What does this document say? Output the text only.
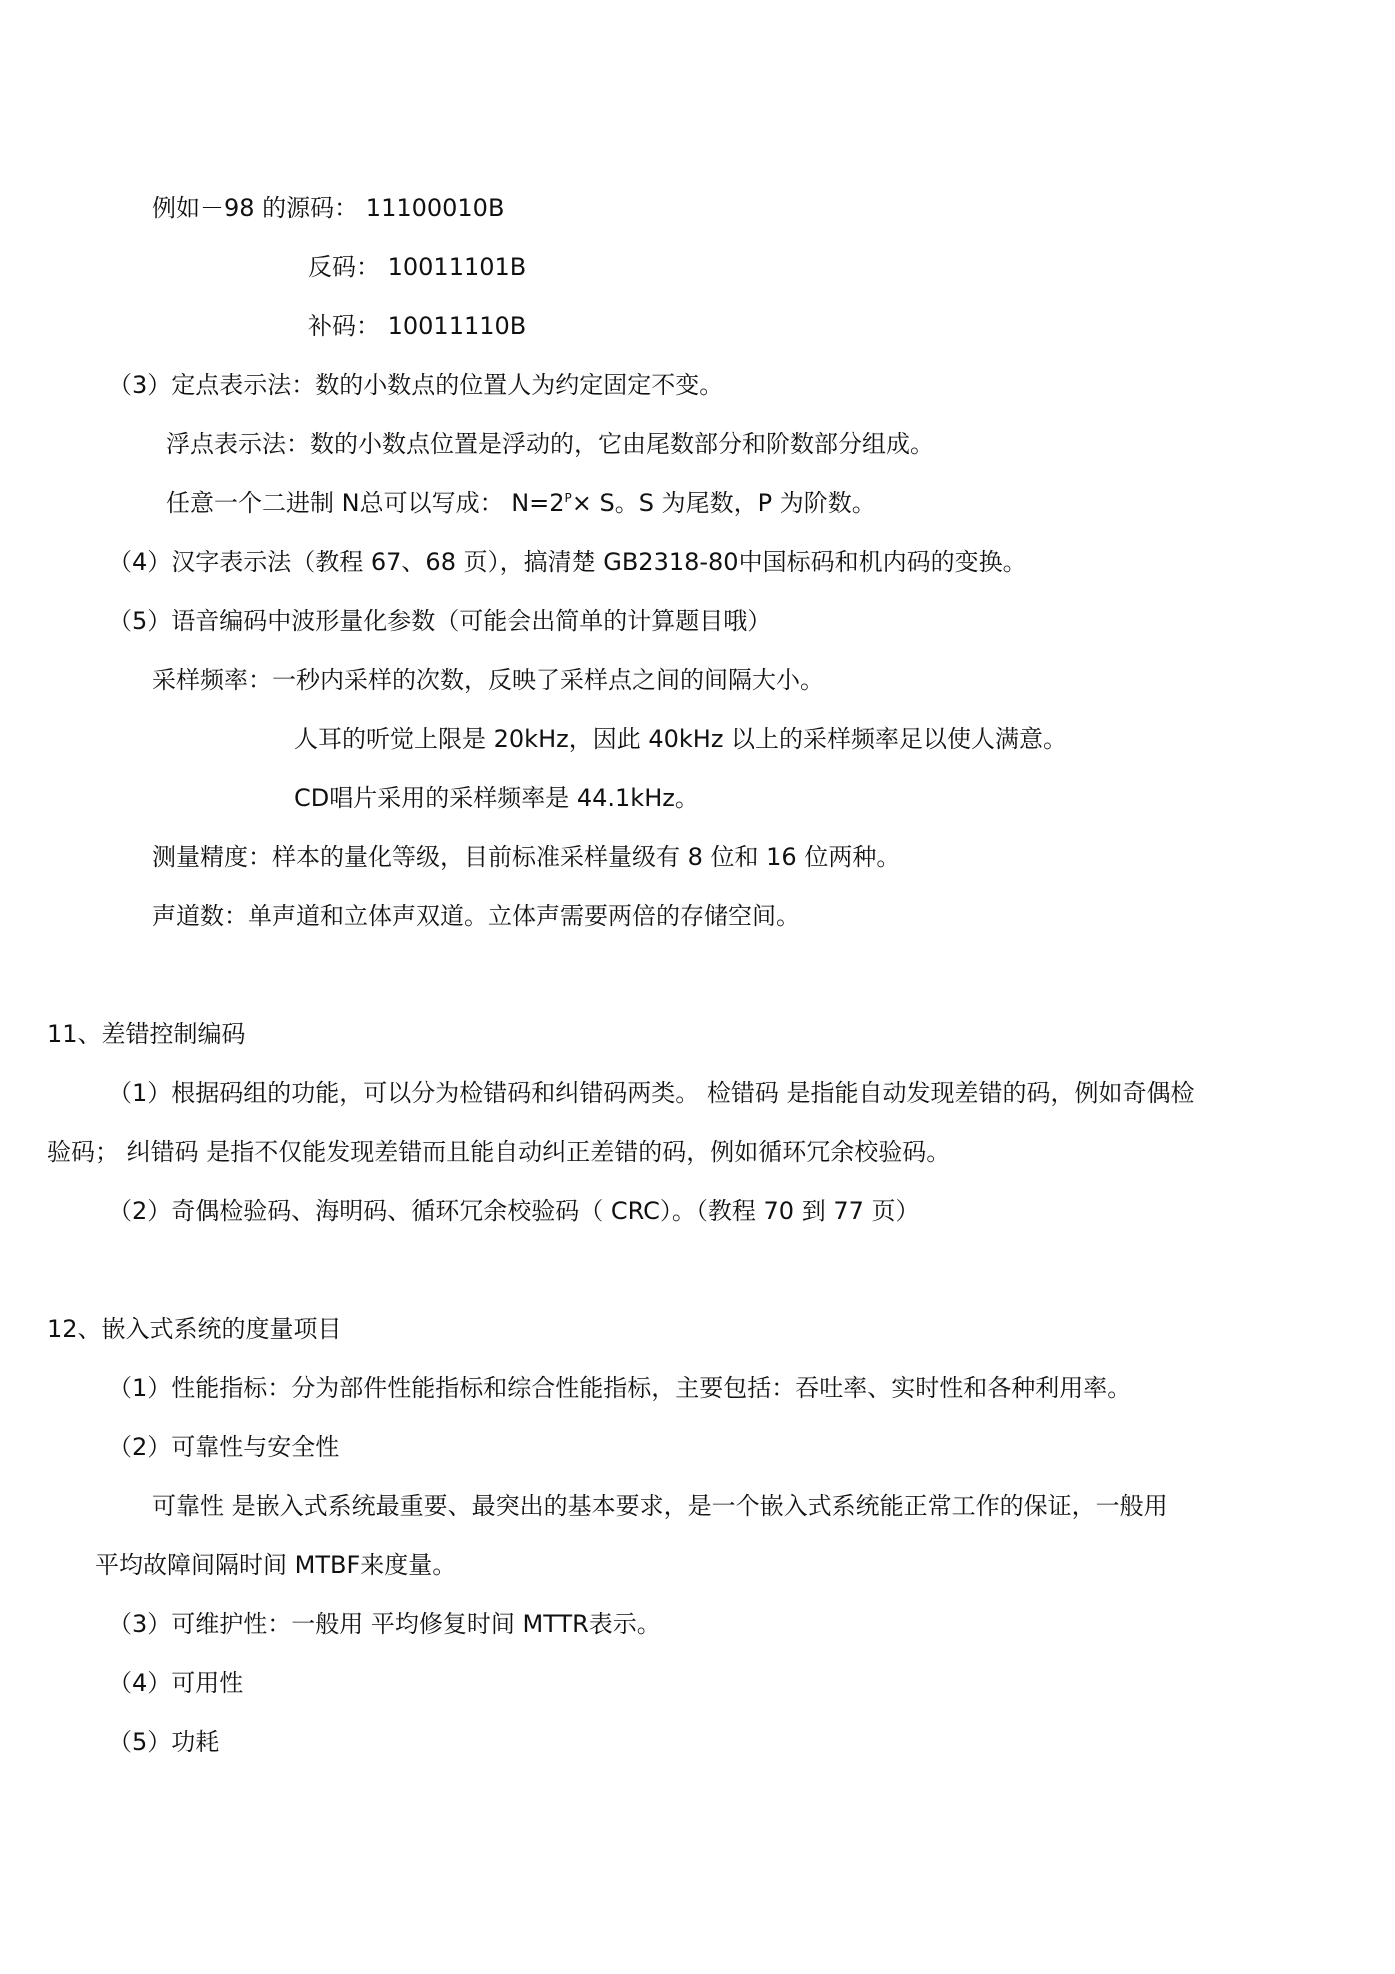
例如－98 的源码： 11100010B
反码： 10011101B
补码： 10011110B
（3）定点表示法：数的小数点的位置人为约定固定不变。
浮点表示法：数的小数点位置是浮动的，它由尾数部分和阶数部分组成。
任意一个二进制 N总可以写成： $N=2^P\times S$。S 为尾数，P 为阶数。
（4）汉字表示法（教程 67、68 页），搞清楚 GB2318-80中国标码和机内码的变换。
（5）语音编码中波形量化参数（可能会出简单的计算题目哦）
采样频率：一秒内采样的次数，反映了采样点之间的间隔大小。
人耳的听觉上限是 20kHz，因此 40kHz 以上的采样频率足以使人满意。
CD唱片采用的采样频率是 44.1kHz。
测量精度：样本的量化等级，目前标准采样量级有 8 位和 16 位两种。
声道数：单声道和立体声双道。立体声需要两倍的存储空间。
11、差错控制编码
（1）根据码组的功能，可以分为检错码和纠错码两类。 检错码 是指能自动发现差错的码，例如奇偶检
验码； 纠错码 是指不仅能发现差错而且能自动纠正差错的码，例如循环冗余校验码。
（2）奇偶检验码、海明码、循环冗余校验码（ CRC）。（教程 70 到 77 页）
12、嵌入式系统的度量项目
（1）性能指标：分为部件性能指标和综合性能指标，主要包括：吞吐率、实时性和各种利用率。
（2）可靠性与安全性
可靠性 是嵌入式系统最重要、最突出的基本要求，是一个嵌入式系统能正常工作的保证，一般用
平均故障间隔时间 MTBF来度量。
（3）可维护性：一般用 平均修复时间 MTTR表示。
（4）可用性
（5）功耗
